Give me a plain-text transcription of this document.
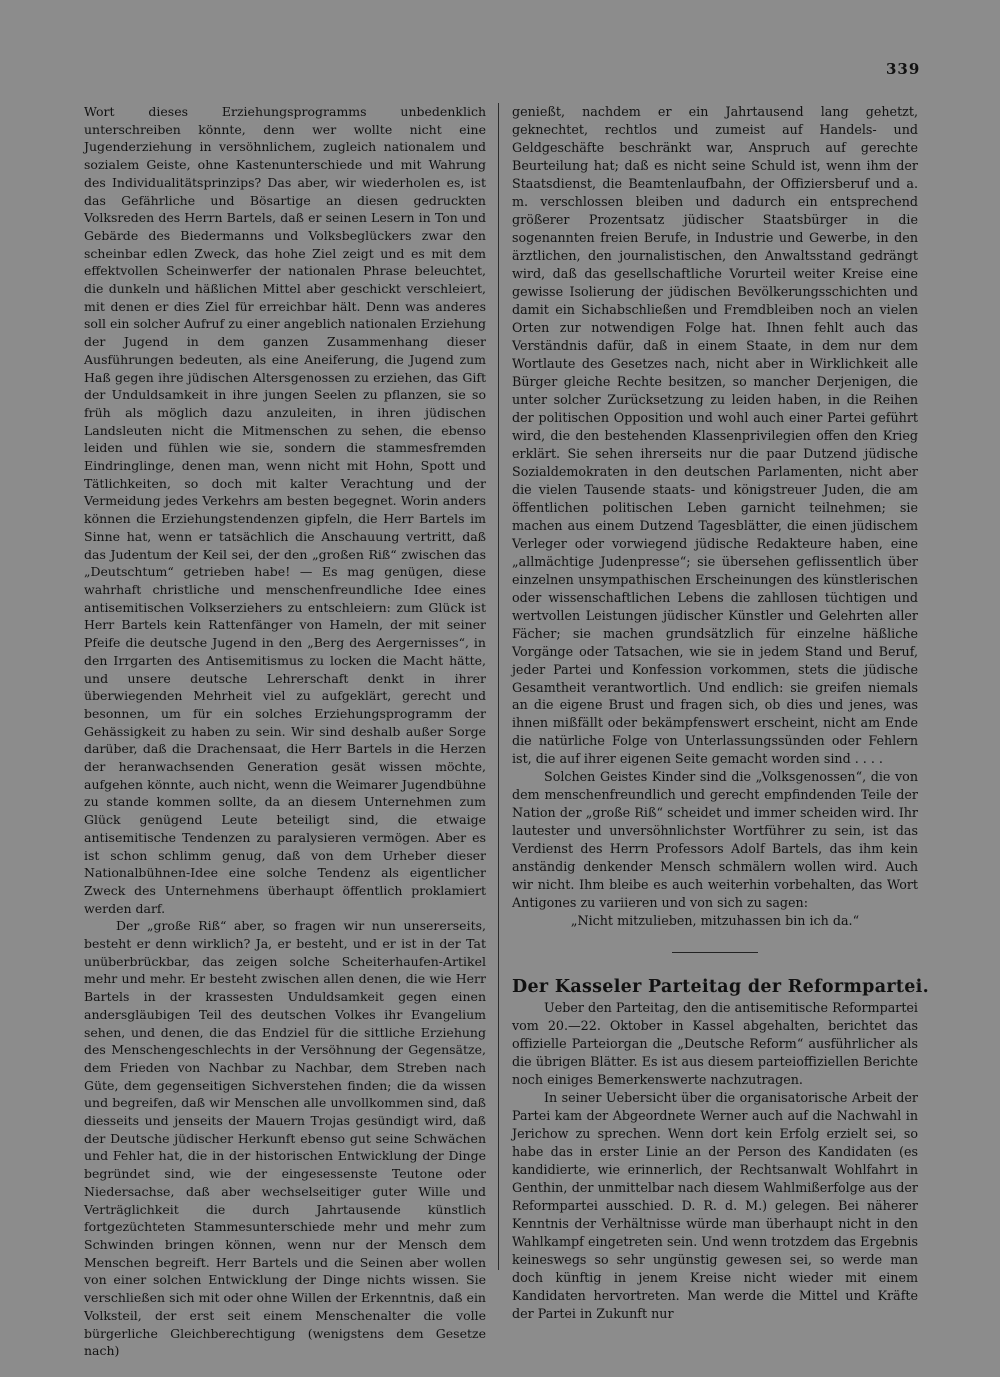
339

Wort dieses Erziehungsprogramms unbedenklich unterschreiben könnte, denn wer wollte nicht eine Jugenderziehung in versöhnlichem, zugleich nationalem und sozialem Geiste, ohne Kastenunterschiede und mit Wahrung des Individualitätsprinzips? Das aber, wir wiederholen es, ist das Gefährliche und Bösartige an diesen gedruckten Volksreden des Herrn Bartels, daß er seinen Lesern in Ton und Gebärde des Biedermanns und Volksbeglückers zwar den scheinbar edlen Zweck, das hohe Ziel zeigt und es mit dem effektvollen Scheinwerfer der nationalen Phrase beleuchtet, die dunkeln und häßlichen Mittel aber geschickt verschleiert, mit denen er dies Ziel für erreichbar hält. Denn was anderes soll ein solcher Aufruf zu einer angeblich nationalen Erziehung der Jugend in dem ganzen Zusammenhang dieser Ausführungen bedeuten, als eine Aneiferung, die Jugend zum Haß gegen ihre jüdischen Altersgenossen zu erziehen, das Gift der Unduldsamkeit in ihre jungen Seelen zu pflanzen, sie so früh als möglich dazu anzuleiten, in ihren jüdischen Landsleuten nicht die Mitmenschen zu sehen, die ebenso leiden und fühlen wie sie, sondern die stammesfremden Eindringlinge, denen man, wenn nicht mit Hohn, Spott und Tätlichkeiten, so doch mit kalter Verachtung und der Vermeidung jedes Verkehrs am besten begegnet. Worin anders können die Erziehungstendenzen gipfeln, die Herr Bartels im Sinne hat, wenn er tatsächlich die Anschauung vertritt, daß das Judentum der Keil sei, der den „großen Riß“ zwischen das „Deutschtum“ getrieben habe! — Es mag genügen, diese wahrhaft christliche und menschenfreundliche Idee eines antisemitischen Volkserziehers zu entschleiern: zum Glück ist Herr Bartels kein Rattenfänger von Hameln, der mit seiner Pfeife die deutsche Jugend in den „Berg des Aergernisses“, in den Irrgarten des Antisemitismus zu locken die Macht hätte, und unsere deutsche Lehrerschaft denkt in ihrer überwiegenden Mehrheit viel zu aufgeklärt, gerecht und besonnen, um für ein solches Erziehungsprogramm der Gehässigkeit zu haben zu sein. Wir sind deshalb außer Sorge darüber, daß die Drachensaat, die Herr Bartels in die Herzen der heranwachsenden Generation gesät wissen möchte, aufgehen könnte, auch nicht, wenn die Weimarer Jugendbühne zu stande kommen sollte, da an diesem Unternehmen zum Glück genügend Leute beteiligt sind, die etwaige antisemitische Tendenzen zu paralysieren vermögen. Aber es ist schon schlimm genug, daß von dem Urheber dieser Nationalbühnen-Idee eine solche Tendenz als eigentlicher Zweck des Unternehmens überhaupt öffentlich proklamiert werden darf.

Der „große Riß“ aber, so fragen wir nun unsererseits, besteht er denn wirklich? Ja, er besteht, und er ist in der Tat unüberbrückbar, das zeigen solche Scheiterhaufen-Artikel mehr und mehr. Er besteht zwischen allen denen, die wie Herr Bartels in der krassesten Unduldsamkeit gegen einen andersgläubigen Teil des deutschen Volkes ihr Evangelium sehen, und denen, die das Endziel für die sittliche Erziehung des Menschengeschlechts in der Versöhnung der Gegensätze, dem Frieden von Nachbar zu Nachbar, dem Streben nach Güte, dem gegenseitigen Sichverstehen finden; die da wissen und begreifen, daß wir Menschen alle unvollkommen sind, daß diesseits und jenseits der Mauern Trojas gesündigt wird, daß der Deutsche jüdischer Herkunft ebenso gut seine Schwächen und Fehler hat, die in der historischen Entwicklung der Dinge begründet sind, wie der eingesessenste Teutone oder Niedersachse, daß aber wechselseitiger guter Wille und Verträglichkeit die durch Jahrtausende künstlich fortgezüchteten Stammesunterschiede mehr und mehr zum Schwinden bringen können, wenn nur der Mensch dem Menschen begreift. Herr Bartels und die Seinen aber wollen von einer solchen Entwicklung der Dinge nichts wissen. Sie verschließen sich mit oder ohne Willen der Erkenntnis, daß ein Volksteil, der erst seit einem Menschenalter die volle bürgerliche Gleichberechtigung (wenigstens dem Gesetze nach)

genießt, nachdem er ein Jahrtausend lang gehetzt, geknechtet, rechtlos und zumeist auf Handels- und Geldgeschäfte beschränkt war, Anspruch auf gerechte Beurteilung hat; daß es nicht seine Schuld ist, wenn ihm der Staatsdienst, die Beamtenlaufbahn, der Offiziersberuf und a. m. verschlossen bleiben und dadurch ein entsprechend größerer Prozentsatz jüdischer Staatsbürger in die sogenannten freien Berufe, in Industrie und Gewerbe, in den ärztlichen, den journalistischen, den Anwaltsstand gedrängt wird, daß das gesellschaftliche Vorurteil weiter Kreise eine gewisse Isolierung der jüdischen Bevölkerungsschichten und damit ein Sichabschließen und Fremdbleiben noch an vielen Orten zur notwendigen Folge hat. Ihnen fehlt auch das Verständnis dafür, daß in einem Staate, in dem nur dem Wortlaute des Gesetzes nach, nicht aber in Wirklichkeit alle Bürger gleiche Rechte besitzen, so mancher Derjenigen, die unter solcher Zurücksetzung zu leiden haben, in die Reihen der politischen Opposition und wohl auch einer Partei geführt wird, die den bestehenden Klassenprivilegien offen den Krieg erklärt. Sie sehen ihrerseits nur die paar Dutzend jüdische Sozialdemokraten in den deutschen Parlamenten, nicht aber die vielen Tausende staats- und königstreuer Juden, die am öffentlichen politischen Leben garnicht teilnehmen; sie machen aus einem Dutzend Tagesblätter, die einen jüdischem Verleger oder vorwiegend jüdische Redakteure haben, eine „allmächtige Judenpresse“; sie übersehen geflissentlich über einzelnen unsympathischen Erscheinungen des künstlerischen oder wissenschaftlichen Lebens die zahllosen tüchtigen und wertvollen Leistungen jüdischer Künstler und Gelehrten aller Fächer; sie machen grundsätzlich für einzelne häßliche Vorgänge oder Tatsachen, wie sie in jedem Stand und Beruf, jeder Partei und Konfession vorkommen, stets die jüdische Gesamtheit verantwortlich. Und endlich: sie greifen niemals an die eigene Brust und fragen sich, ob dies und jenes, was ihnen mißfällt oder bekämpfenswert erscheint, nicht am Ende die natürliche Folge von Unterlassungssünden oder Fehlern ist, die auf ihrer eigenen Seite gemacht worden sind . . . .

Solchen Geistes Kinder sind die „Volksgenossen“, die von dem menschenfreundlich und gerecht empfindenden Teile der Nation der „große Riß“ scheidet und immer scheiden wird. Ihr lautester und unversöhnlichster Wortführer zu sein, ist das Verdienst des Herrn Professors Adolf Bartels, das ihm kein anständig denkender Mensch schmälern wollen wird. Auch wir nicht. Ihm bleibe es auch weiterhin vorbehalten, das Wort Antigones zu variieren und von sich zu sagen:

„Nicht mitzulieben, mitzuhassen bin ich da.“

Der Kasseler Parteitag der Reformpartei.

Ueber den Parteitag, den die antisemitische Reformpartei vom 20.—22. Oktober in Kassel abgehalten, berichtet das offizielle Parteiorgan die „Deutsche Reform“ ausführlicher als die übrigen Blätter. Es ist aus diesem parteioffiziellen Berichte noch einiges Bemerkenswerte nachzutragen.

In seiner Uebersicht über die organisatorische Arbeit der Partei kam der Abgeordnete Werner auch auf die Nachwahl in Jerichow zu sprechen. Wenn dort kein Erfolg erzielt sei, so habe das in erster Linie an der Person des Kandidaten (es kandidierte, wie erinnerlich, der Rechtsanwalt Wohlfahrt in Genthin, der unmittelbar nach diesem Wahlmißerfolge aus der Reformpartei ausschied. D. R. d. M.) gelegen. Bei näherer Kenntnis der Verhältnisse würde man überhaupt nicht in den Wahlkampf eingetreten sein. Und wenn trotzdem das Ergebnis keineswegs so sehr ungünstig gewesen sei, so werde man doch künftig in jenem Kreise nicht wieder mit einem Kandidaten hervortreten. Man werde die Mittel und Kräfte der Partei in Zukunft nur
